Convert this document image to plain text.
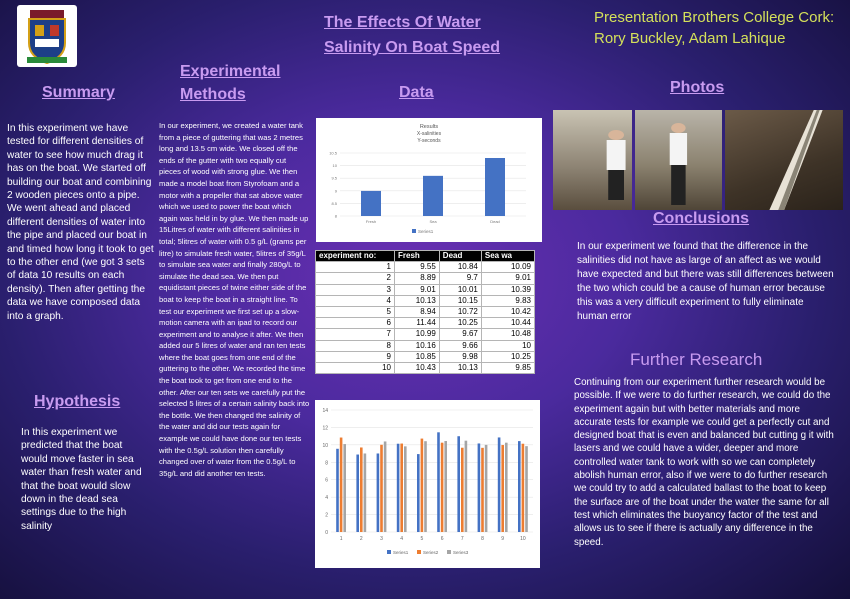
The Effects Of Water
Salinity On Boat Speed
Presentation Brothers College Cork:
Rory Buckley, Adam Lahique
Summary
In this experiment we have tested for different densities of water to see how much drag it has on the boat. We started off building our boat and combining 2 wooden pieces onto a pipe. We went ahead and placed different densities of water into the pipe and placed our boat in and timed how long it took to get to the other end (we got 3 sets of data 10 results on each density). Then after getting the data we have composed data into a graph.
Hypothesis
In this experiment we predicted that the boat would move faster in sea water than fresh water and that the boat would slow down in the dead sea settings due to the high salinity
Experimental
Methods
In our experiment, we created a water tank from a piece of guttering that was 2 metres long and 13.5 cm wide. We closed off the ends of the gutter with two equally cut pieces of wood with strong glue. We then made a model boat from Styrofoam and a motor with a propeller that sat above water which we used to power the boat which again was held in by glue. We then made up 15Litres of water with different salinities in total; 5litres of water with 0.5 g/L (grams per litre) to simulate fresh water, 5litres of 35g/L to simulate sea water and finally 280g/L to simulate the dead sea. We then put equidistant pieces of twine either side of the boat to keep the boat in a straight line. To test our experiment we first set up a slow-motion camera with an ipad to record our experiment and to analyse it after. We then added our 5 litres of water and ran ten tests where the boat goes from one end of the guttering to the other. We recorded the time the boat took to get from one end to the other. After our ten sets we carefully put the selected 5 litres of a certain salinity back into the bottle. We then changed the salinity of the water and did our tests again for example we could have done our ten tests with the 0.5g/L solution then carefully changed over of water from the 0.5g/L to 35g/L and did another ten tests.
Data
Results
X-salinities
Y-seconds
10.5
10
9.5
9
8.5
8
Fresh	Sea	Dead
Series1
experiment no:	Fresh	Dead	Sea wa
1	9.55	10.84	10.09
2	8.89	9.7	9.01
3	9.01	10.01	10.39
4	10.13	10.15	9.83
5	8.94	10.72	10.42
6	11.44	10.25	10.44
7	10.99	9.67	10.48
8	10.16	9.66	10
9	10.85	9.98	10.25
10	10.43	10.13	9.85
14
12
10
8
6
4
2
0
1	2	3	4	5	6	7	8	9	10
Series1	Series2	Series3
Photos
Conclusions
In our experiment we found that the difference in the salinities did not have as large of an affect as we would have expected and but there was still differences between the two which could be a cause of human error because this was a very difficult experiment to fully eliminate human error
Further Research
Continuing from our experiment further research would be possible. If we were to do further research, we could do the experiment again but with better materials and more accurate tests for example we could get a perfectly cut and designed boat that is even and balanced but cutting g it with lasers and we could have a wider, deeper and more controlled water tank to work with so we can completely abolish human error, also if we were to do further research we could try to add a calculated ballast to the boat to keep the surface are of the boat under the water the same for all test which eliminates the buoyancy factor of the test and allows us to see if there is actually any difference in the speed.
